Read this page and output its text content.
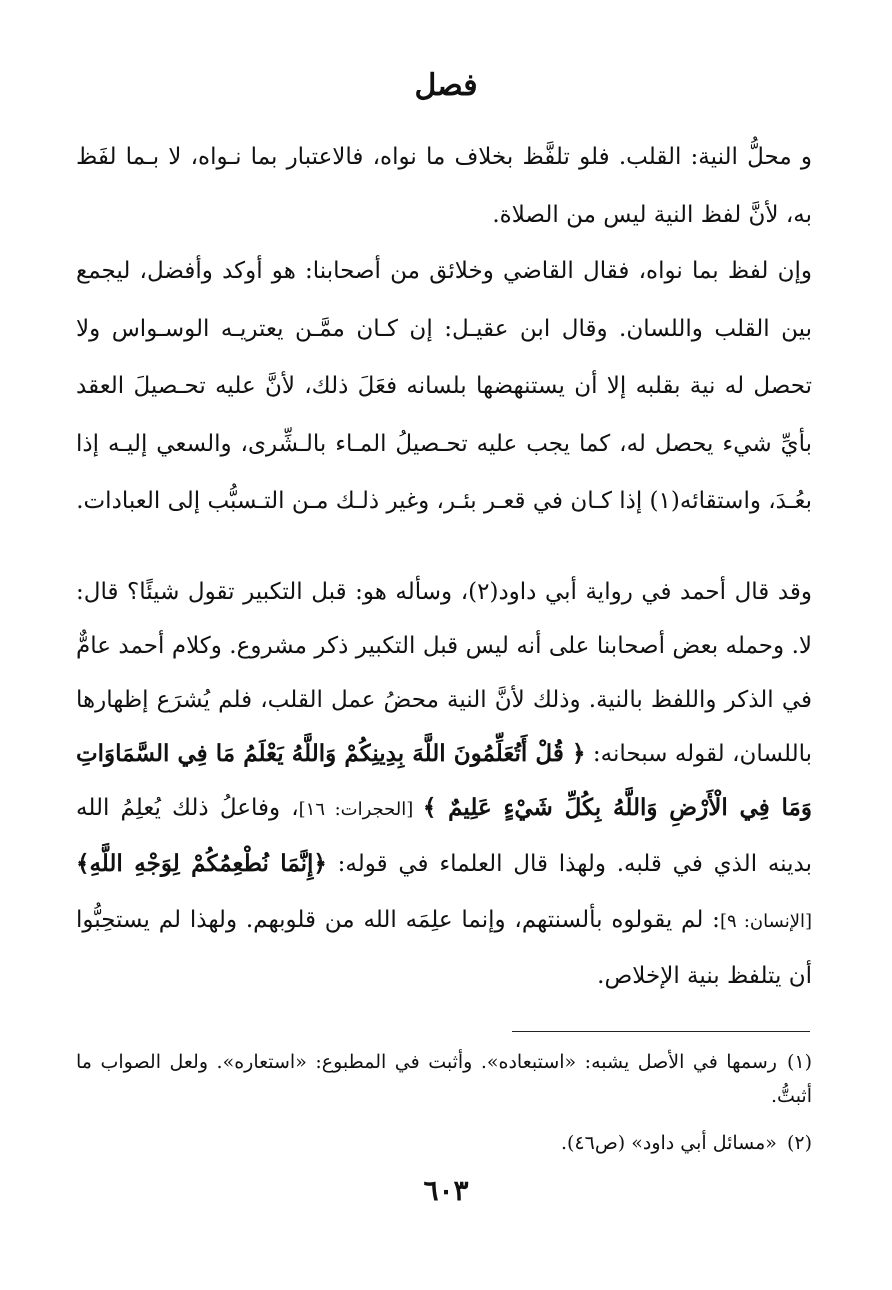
فصل

و محلُّ النية: القلب. فلو تلفَّظ بخلاف ما نواه، فالاعتبار بما نـواه، لا بـما لفَظ به، لأنَّ لفظ النية ليس من الصلاة.

وإن لفظ بما نواه، فقال القاضي وخلائق من أصحابنا: هو أوكد وأفضل، ليجمع بين القلب واللسان. وقال ابن عقيـل: إن كـان ممَّـن يعتريـه الوسـواس ولا تحصل له نية بقلبه إلا أن يستنهضها بلسانه فعَلَ ذلك، لأنَّ عليه تحـصيلَ العقد بأيِّ شيء يحصل له، كما يجب عليه تحـصيلُ المـاء بالـشِّرى، والسعي إليـه إذا بعُـدَ، واستقائه(١) إذا كـان في قعـر بئـر، وغير ذلـك مـن التـسبُّب إلى العبادات.

وقد قال أحمد في رواية أبي داود(٢)، وسأله هو: قبل التكبير تقول شيئًا؟ قال: لا. وحمله بعض أصحابنا على أنه ليس قبل التكبير ذكر مشروع. وكلام أحمد عامٌّ في الذكر واللفظ بالنية. وذلك لأنَّ النية محضُ عمل القلب، فلم يُشرَع إظهارها باللسان، لقوله سبحانه: ﴿ قُلْ أَتُعَلِّمُونَ اللَّهَ بِدِينِكُمْ وَاللَّهُ يَعْلَمُ مَا فِي السَّمَاوَاتِ وَمَا فِي الْأَرْضِ وَاللَّهُ بِكُلِّ شَيْءٍ عَلِيمٌ ﴾ [الحجرات: ١٦]، وفاعلُ ذلك يُعلِمُ الله بدينه الذي في قلبه. ولهذا قال العلماء في قوله: ﴿إِنَّمَا نُطْعِمُكُمْ لِوَجْهِ اللَّهِ﴾ [الإنسان: ٩]: لم يقولوه بألسنتهم، وإنما علِمَه الله من قلوبهم. ولهذا لم يستحِبُّوا أن يتلفظ بنية الإخلاص.

(١)رسمها في الأصل يشبه: «استبعاده». وأثبت في المطبوع: «استعاره». ولعل الصواب ما أثبتُّ.

(٢)«مسائل أبي داود» (ص٤٦).

٦٠٣
